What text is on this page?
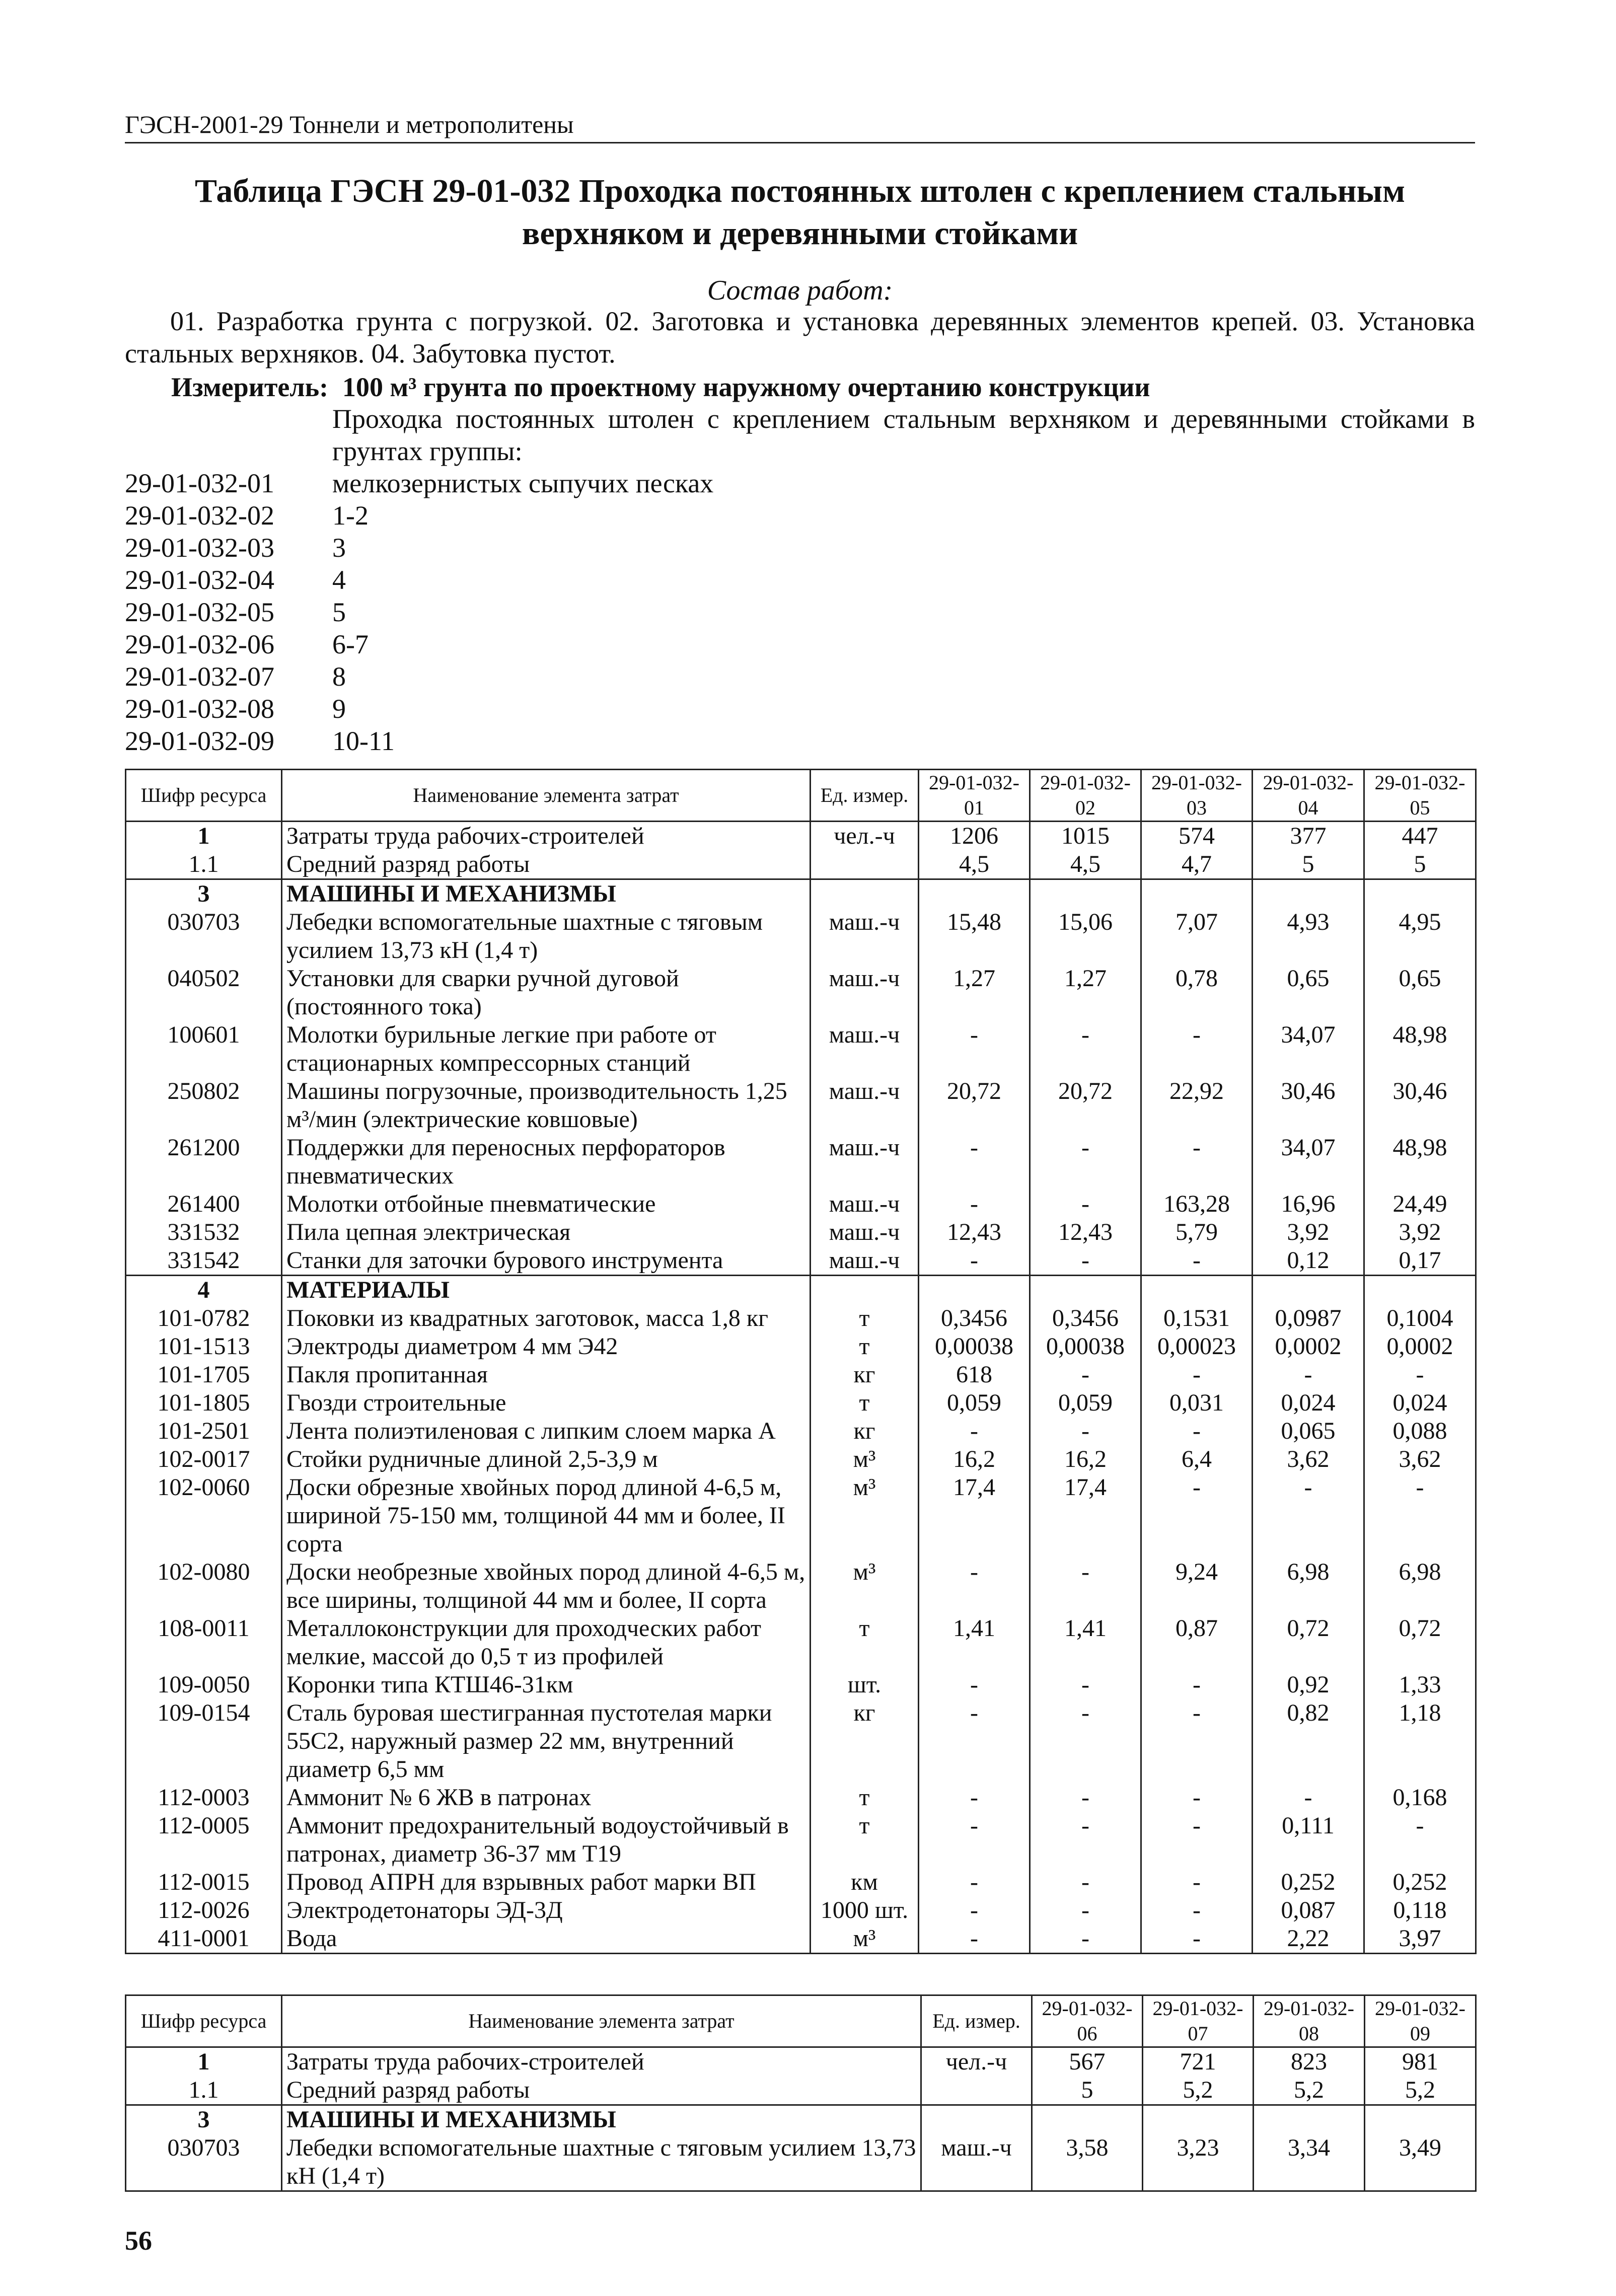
ГЭСН-2001-29 Тоннели и метрополитены
Таблица ГЭСН 29-01-032 Проходка постоянных штолен с креплением стальным верхняком и деревянными стойками
Состав работ:
01. Разработка грунта с погрузкой. 02. Заготовка и установка деревянных элементов крепей. 03. Установка стальных верхняков. 04. Забутовка пустот.
Измеритель: 100 м³ грунта по проектному наружному очертанию конструкции
Проходка постоянных штолен с креплением стальным верхняком и деревянными стойками в грунтах группы:
29-01-032-01	мелкозернистых сыпучих песках
29-01-032-02	1-2
29-01-032-03	3
29-01-032-04	4
29-01-032-05	5
29-01-032-06	6-7
29-01-032-07	8
29-01-032-08	9
29-01-032-09	10-11
Шифр ресурса	Наименование элемента затрат	Ед. измер.	29-01-032-01	29-01-032-02	29-01-032-03	29-01-032-04	29-01-032-05
1	Затраты труда рабочих-строителей	чел.-ч	1206	1015	574	377	447
1.1	Средний разряд работы		4,5	4,5	4,7	5	5
3	МАШИНЫ И МЕХАНИЗМЫ						
030703	Лебедки вспомогательные шахтные с тяговым усилием 13,73 кН (1,4 т)	маш.-ч	15,48	15,06	7,07	4,93	4,95
040502	Установки для сварки ручной дуговой (постоянного тока)	маш.-ч	1,27	1,27	0,78	0,65	0,65
100601	Молотки бурильные легкие при работе от стационарных компрессорных станций	маш.-ч	-	-	-	34,07	48,98
250802	Машины погрузочные, производительность 1,25 м³/мин (электрические ковшовые)	маш.-ч	20,72	20,72	22,92	30,46	30,46
261200	Поддержки для переносных перфораторов пневматических	маш.-ч	-	-	-	34,07	48,98
261400	Молотки отбойные пневматические	маш.-ч	-	-	163,28	16,96	24,49
331532	Пила цепная электрическая	маш.-ч	12,43	12,43	5,79	3,92	3,92
331542	Станки для заточки бурового инструмента	маш.-ч	-	-	-	0,12	0,17
4	МАТЕРИАЛЫ						
101-0782	Поковки из квадратных заготовок, масса 1,8 кг	т	0,3456	0,3456	0,1531	0,0987	0,1004
101-1513	Электроды диаметром 4 мм Э42	т	0,00038	0,00038	0,00023	0,0002	0,0002
101-1705	Пакля пропитанная	кг	618	-	-	-	-
101-1805	Гвозди строительные	т	0,059	0,059	0,031	0,024	0,024
101-2501	Лента полиэтиленовая с липким слоем марка А	кг	-	-	-	0,065	0,088
102-0017	Стойки рудничные длиной 2,5-3,9 м	м³	16,2	16,2	6,4	3,62	3,62
102-0060	Доски обрезные хвойных пород длиной 4-6,5 м, шириной 75-150 мм, толщиной 44 мм и более, II сорта	м³	17,4	17,4	-	-	-
102-0080	Доски необрезные хвойных пород длиной 4-6,5 м, все ширины, толщиной 44 мм и более, II сорта	м³	-	-	9,24	6,98	6,98
108-0011	Металлоконструкции для проходческих работ мелкие, массой до 0,5 т из профилей	т	1,41	1,41	0,87	0,72	0,72
109-0050	Коронки типа КТШ46-31км	шт.	-	-	-	0,92	1,33
109-0154	Сталь буровая шестигранная пустотелая марки 55С2, наружный размер 22 мм, внутренний диаметр 6,5 мм	кг	-	-	-	0,82	1,18
112-0003	Аммонит № 6 ЖВ в патронах	т	-	-	-	-	0,168
112-0005	Аммонит предохранительный водоустойчивый в патронах, диаметр 36-37 мм Т19	т	-	-	-	0,111	-
112-0015	Провод АПРН для взрывных работ марки ВП	км	-	-	-	0,252	0,252
112-0026	Электродетонаторы ЭД-3Д	1000 шт.	-	-	-	0,087	0,118
411-0001	Вода	м³	-	-	-	2,22	3,97
Шифр ресурса	Наименование элемента затрат	Ед. измер.	29-01-032-06	29-01-032-07	29-01-032-08	29-01-032-09
1	Затраты труда рабочих-строителей	чел.-ч	567	721	823	981
1.1	Средний разряд работы		5	5,2	5,2	5,2
3	МАШИНЫ И МЕХАНИЗМЫ					
030703	Лебедки вспомогательные шахтные с тяговым усилием 13,73 кН (1,4 т)	маш.-ч	3,58	3,23	3,34	3,49
56
